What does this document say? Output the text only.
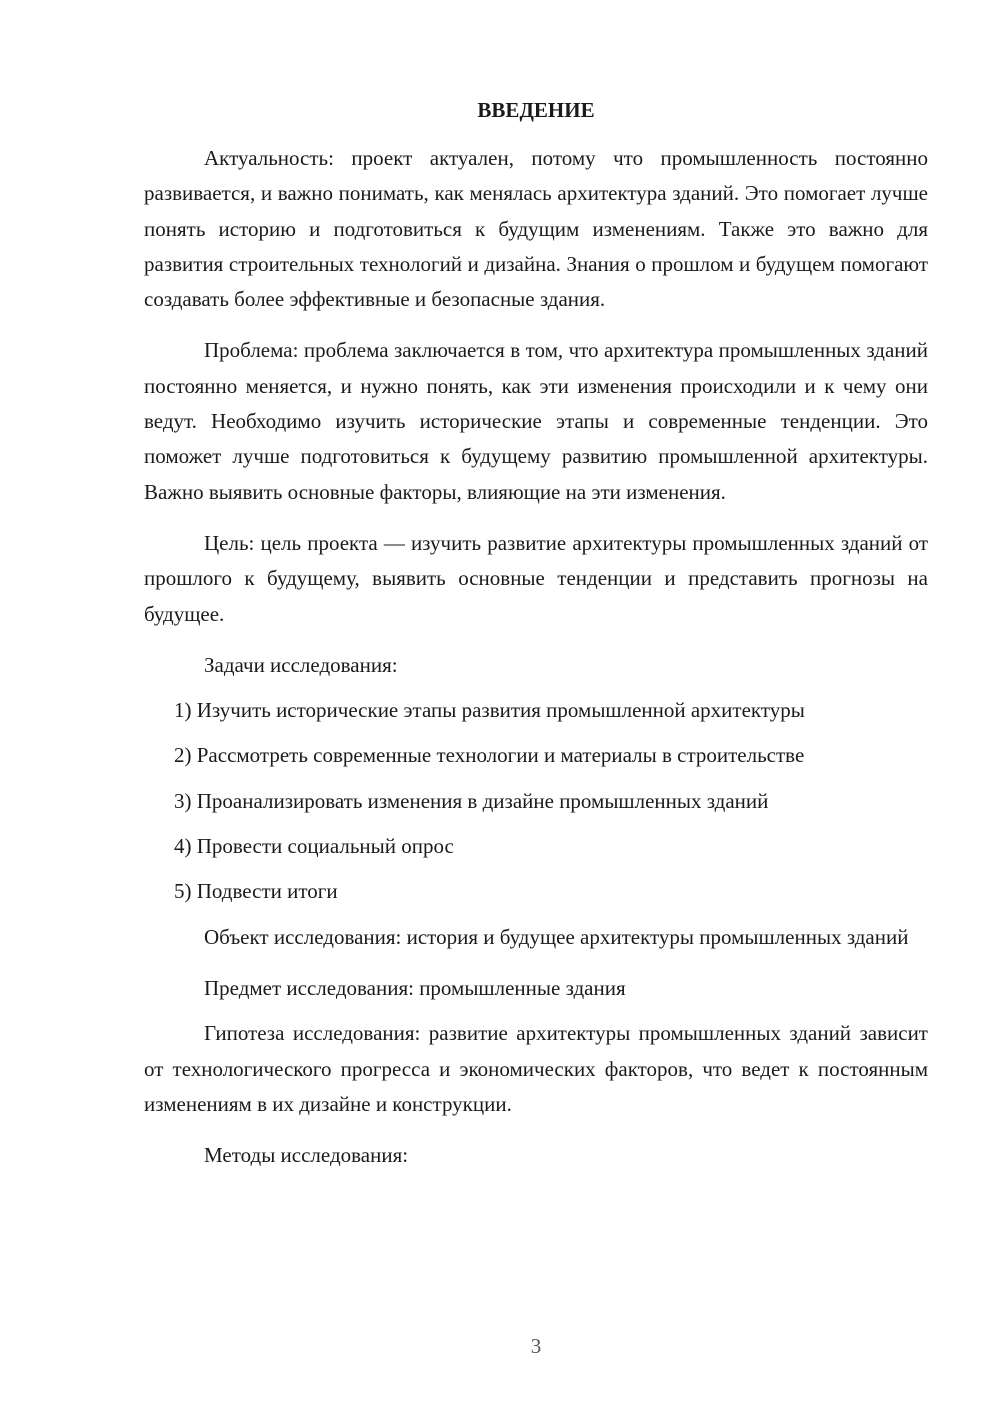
ВВЕДЕНИЕ

Актуальность: проект актуален, потому что промышленность постоянно развивается, и важно понимать, как менялась архитектура зданий. Это помогает лучше понять историю и подготовиться к будущим изменениям. Также это важно для развития строительных технологий и дизайна. Знания о прошлом и будущем помогают создавать более эффективные и безопасные здания.

Проблема: проблема заключается в том, что архитектура промышленных зданий постоянно меняется, и нужно понять, как эти изменения происходили и к чему они ведут. Необходимо изучить исторические этапы и современные тенденции. Это поможет лучше подготовиться к будущему развитию промышленной архитектуры. Важно выявить основные факторы, влияющие на эти изменения.

Цель: цель проекта — изучить развитие архитектуры промышленных зданий от прошлого к будущему, выявить основные тенденции и представить прогнозы на будущее.

Задачи исследования:

1) Изучить исторические этапы развития промышленной архитектуры
2) Рассмотреть современные технологии и материалы в строительстве
3) Проанализировать изменения в дизайне промышленных зданий
4) Провести социальный опрос
5) Подвести итоги

Объект исследования: история и будущее архитектуры промышленных зданий

Предмет исследования: промышленные здания

Гипотеза исследования: развитие архитектуры промышленных зданий зависит от технологического прогресса и экономических факторов, что ведет к постоянным изменениям в их дизайне и конструкции.

Методы исследования:

3
